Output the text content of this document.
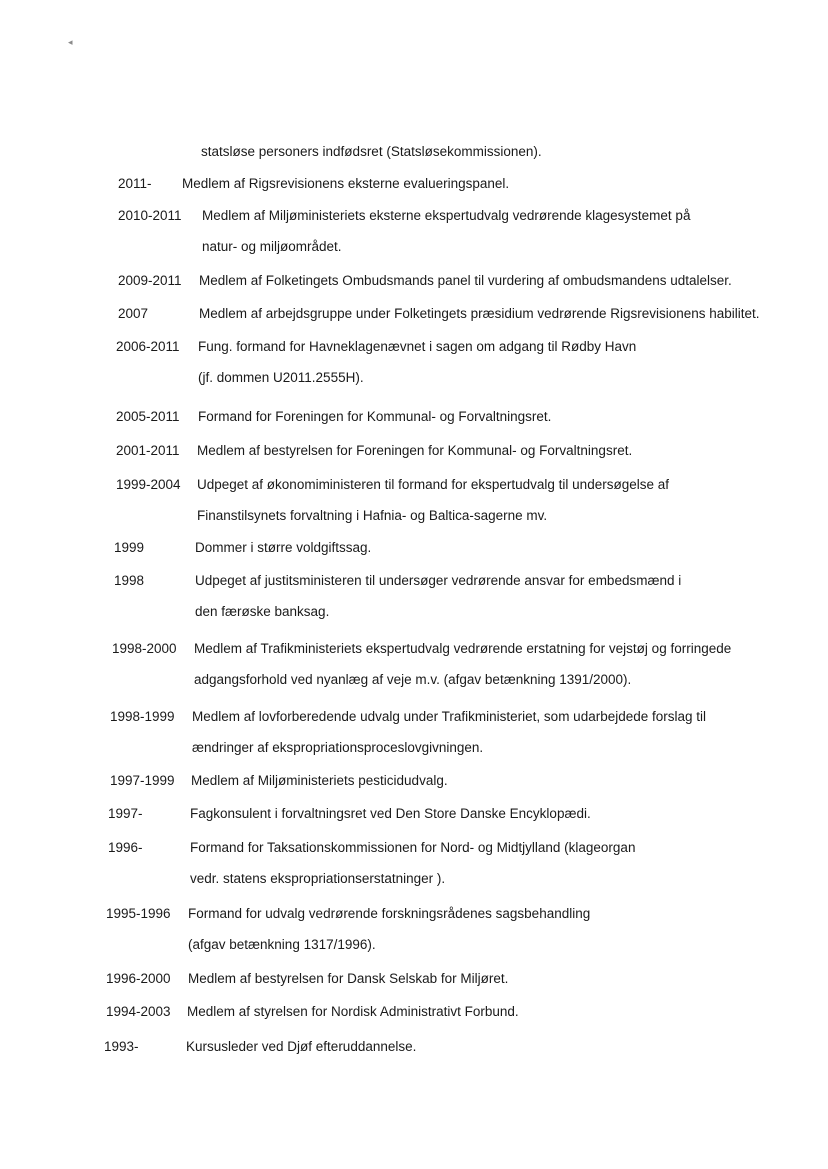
◂
statsløse personers indfødsret (Statsløsekommissionen).
2011- Medlem af Rigsrevisionens eksterne evalueringspanel.
2010-2011 Medlem af Miljøministeriets eksterne ekspertudvalg vedrørende klagesystemet på
natur- og miljøområdet.
2009-2011 Medlem af Folketingets Ombudsmands panel til vurdering af ombudsmandens udtalelser.
2007	Medlem af arbejdsgruppe under Folketingets præsidium vedrørende Rigsrevisionens habilitet.
2006-2011 Fung. formand for Havneklagenævnet i sagen om adgang til Rødby Havn
(jf. dommen U2011.2555H).
2005-2011 Formand for Foreningen for Kommunal- og Forvaltningsret.
2001-2011 Medlem af bestyrelsen for Foreningen for Kommunal- og Forvaltningsret.
1999-2004 Udpeget af økonomiministeren til formand for ekspertudvalg til undersøgelse af
Finanstilsynets forvaltning i Hafnia- og Baltica-sagerne mv.
1999	Dommer i større voldgiftssag.
1998	Udpeget af justitsministeren til undersøger vedrørende ansvar for embedsmænd i
den færøske banksag.
1998-2000 Medlem af Trafikministeriets ekspertudvalg vedrørende erstatning for vejstøj og forringede
adgangsforhold ved nyanlæg af veje m.v. (afgav betænkning 1391/2000).
1998-1999 Medlem af lovforberedende udvalg under Trafikministeriet, som udarbejdede forslag til
ændringer af ekspropriationsproceslovgivningen.
1997-1999 Medlem af Miljøministeriets pesticidudvalg.
1997-	Fagkonsulent i forvaltningsret ved Den Store Danske Encyklopædi.
1996-	Formand for Taksationskommissionen for Nord- og Midtjylland (klageorgan
vedr. statens ekspropriationserstatninger ).
1995-1996 Formand for udvalg vedrørende forskningsrådenes sagsbehandling
(afgav betænkning 1317/1996).
1996-2000 Medlem af bestyrelsen for Dansk Selskab for Miljøret.
1994-2003 Medlem af styrelsen for Nordisk Administrativt Forbund.
1993-	Kursusleder ved Djøf efteruddannelse.
